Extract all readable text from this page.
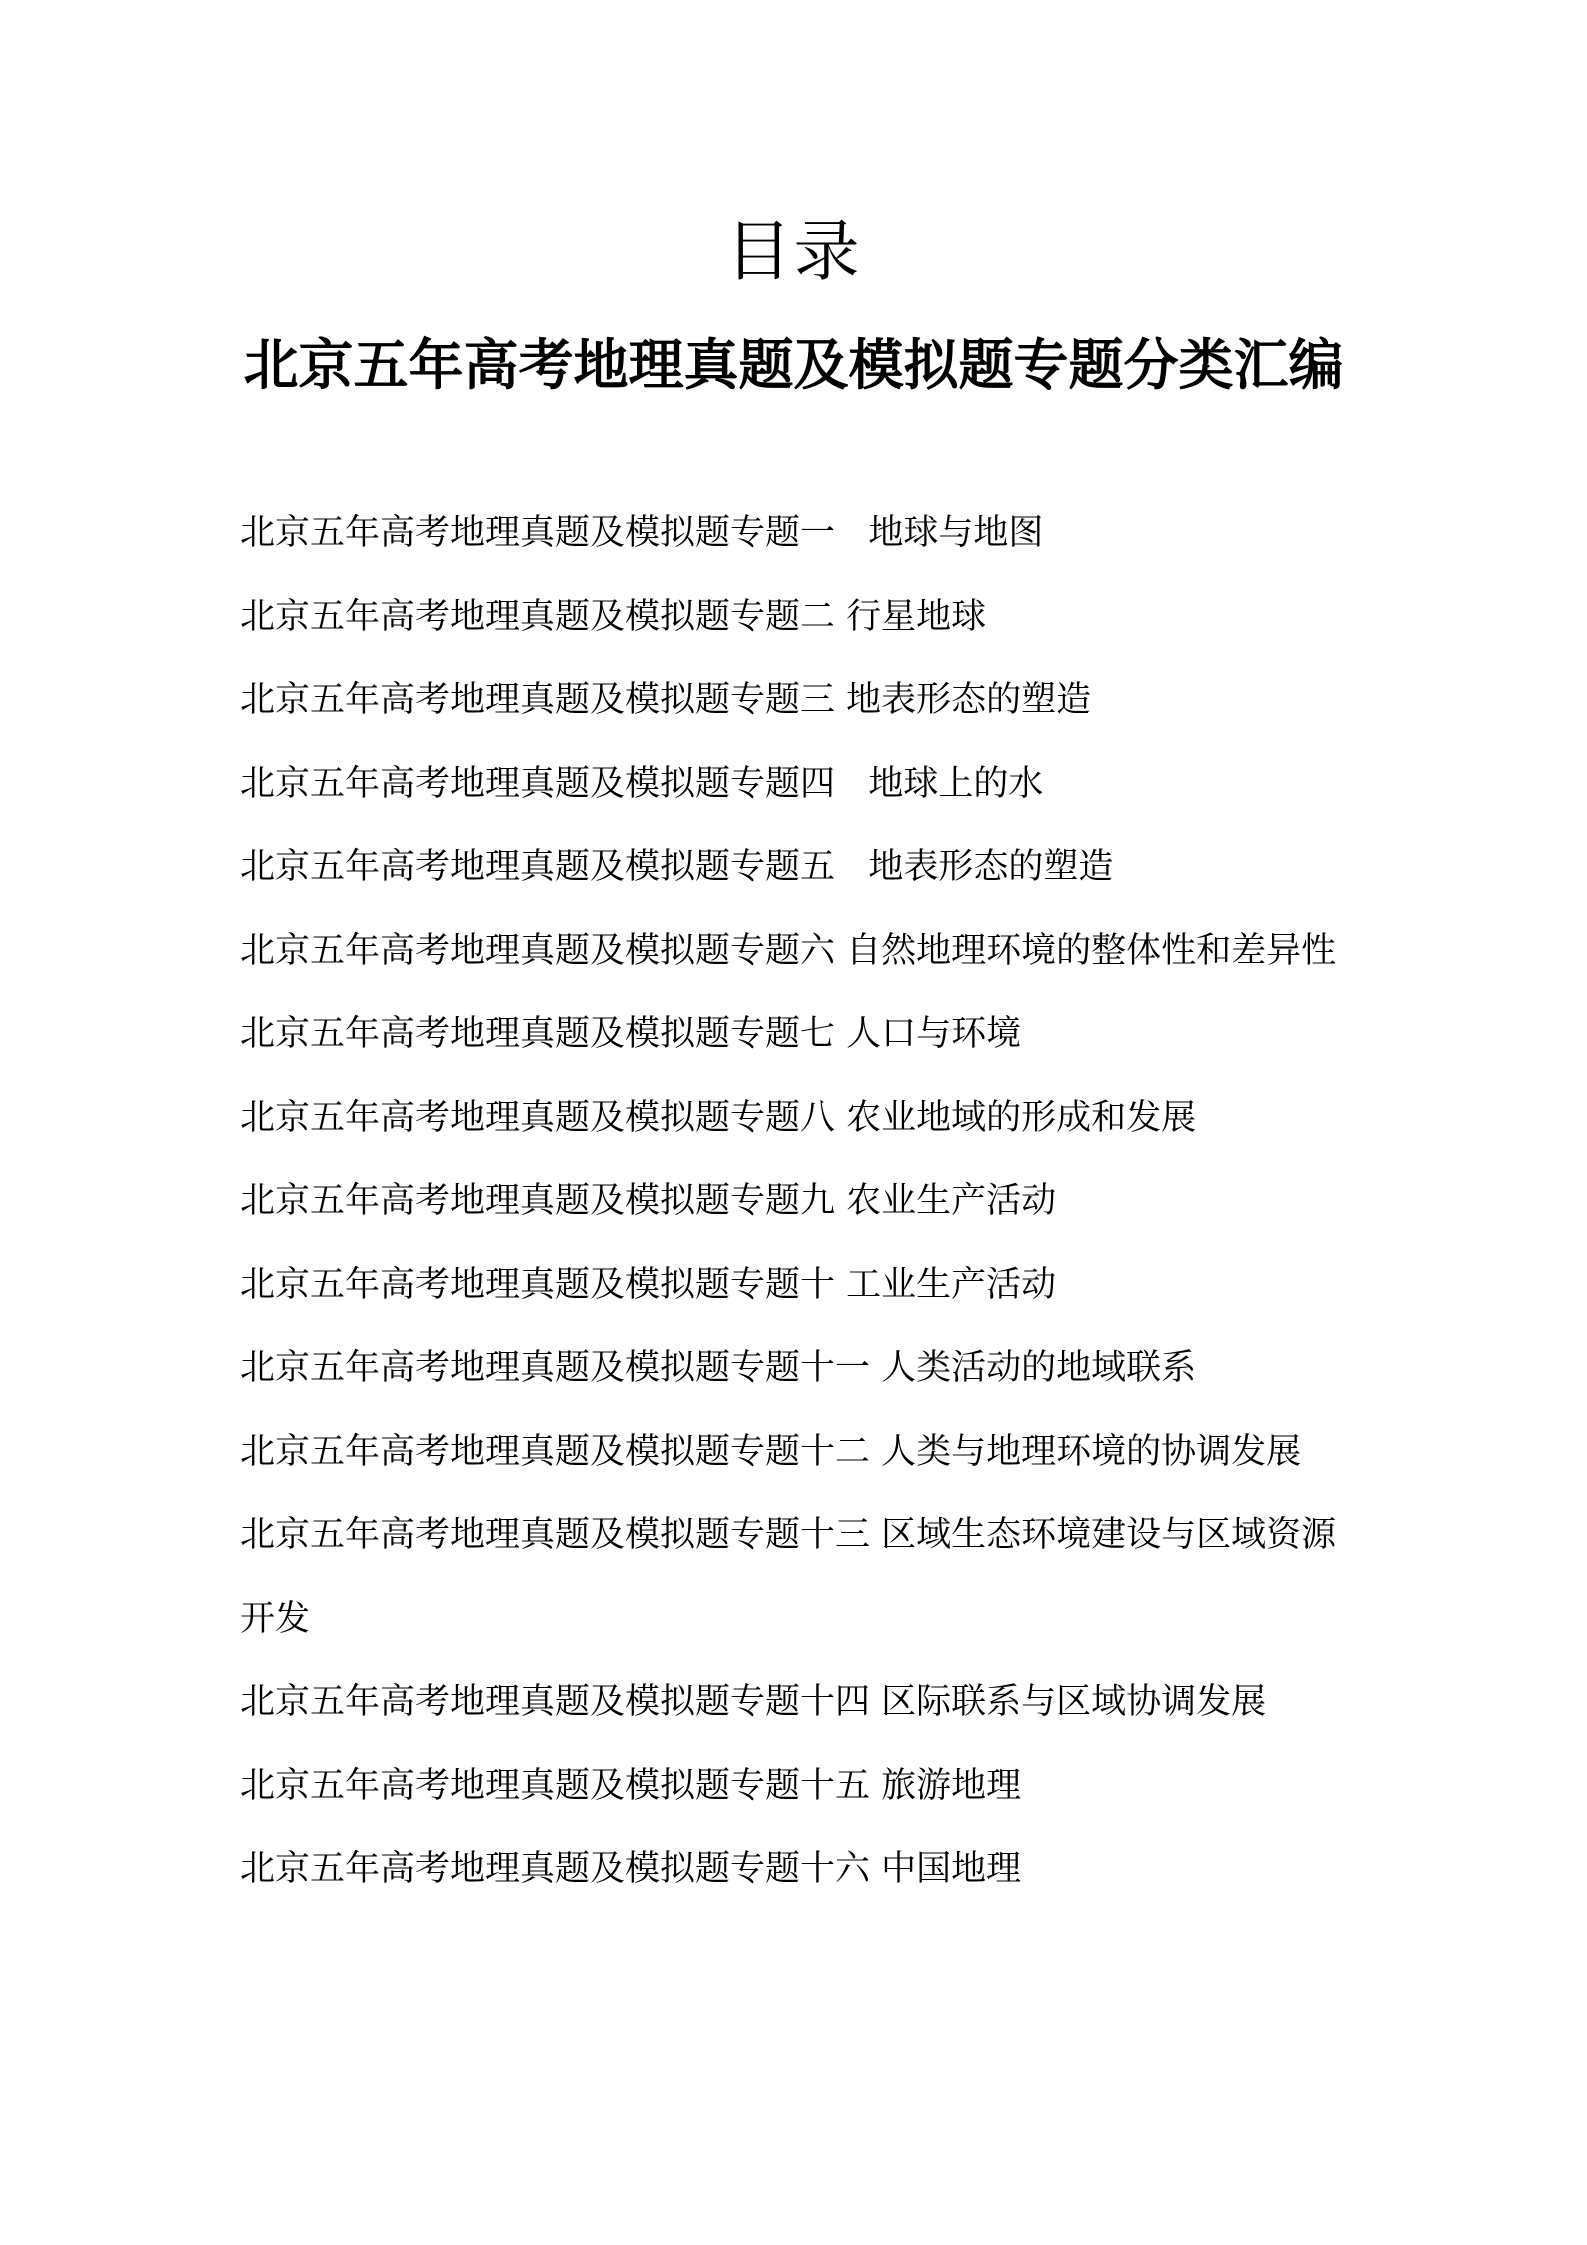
目录
北京五年高考地理真题及模拟题专题分类汇编
北京五年高考地理真题及模拟题专题一 地球与地图
北京五年高考地理真题及模拟题专题二 行星地球
北京五年高考地理真题及模拟题专题三 地表形态的塑造
北京五年高考地理真题及模拟题专题四 地球上的水
北京五年高考地理真题及模拟题专题五 地表形态的塑造
北京五年高考地理真题及模拟题专题六 自然地理环境的整体性和差异性
北京五年高考地理真题及模拟题专题七 人口与环境
北京五年高考地理真题及模拟题专题八 农业地域的形成和发展
北京五年高考地理真题及模拟题专题九 农业生产活动
北京五年高考地理真题及模拟题专题十 工业生产活动
北京五年高考地理真题及模拟题专题十一 人类活动的地域联系
北京五年高考地理真题及模拟题专题十二 人类与地理环境的协调发展
北京五年高考地理真题及模拟题专题十三 区域生态环境建设与区域资源开发
北京五年高考地理真题及模拟题专题十四 区际联系与区域协调发展
北京五年高考地理真题及模拟题专题十五 旅游地理
北京五年高考地理真题及模拟题专题十六 中国地理
